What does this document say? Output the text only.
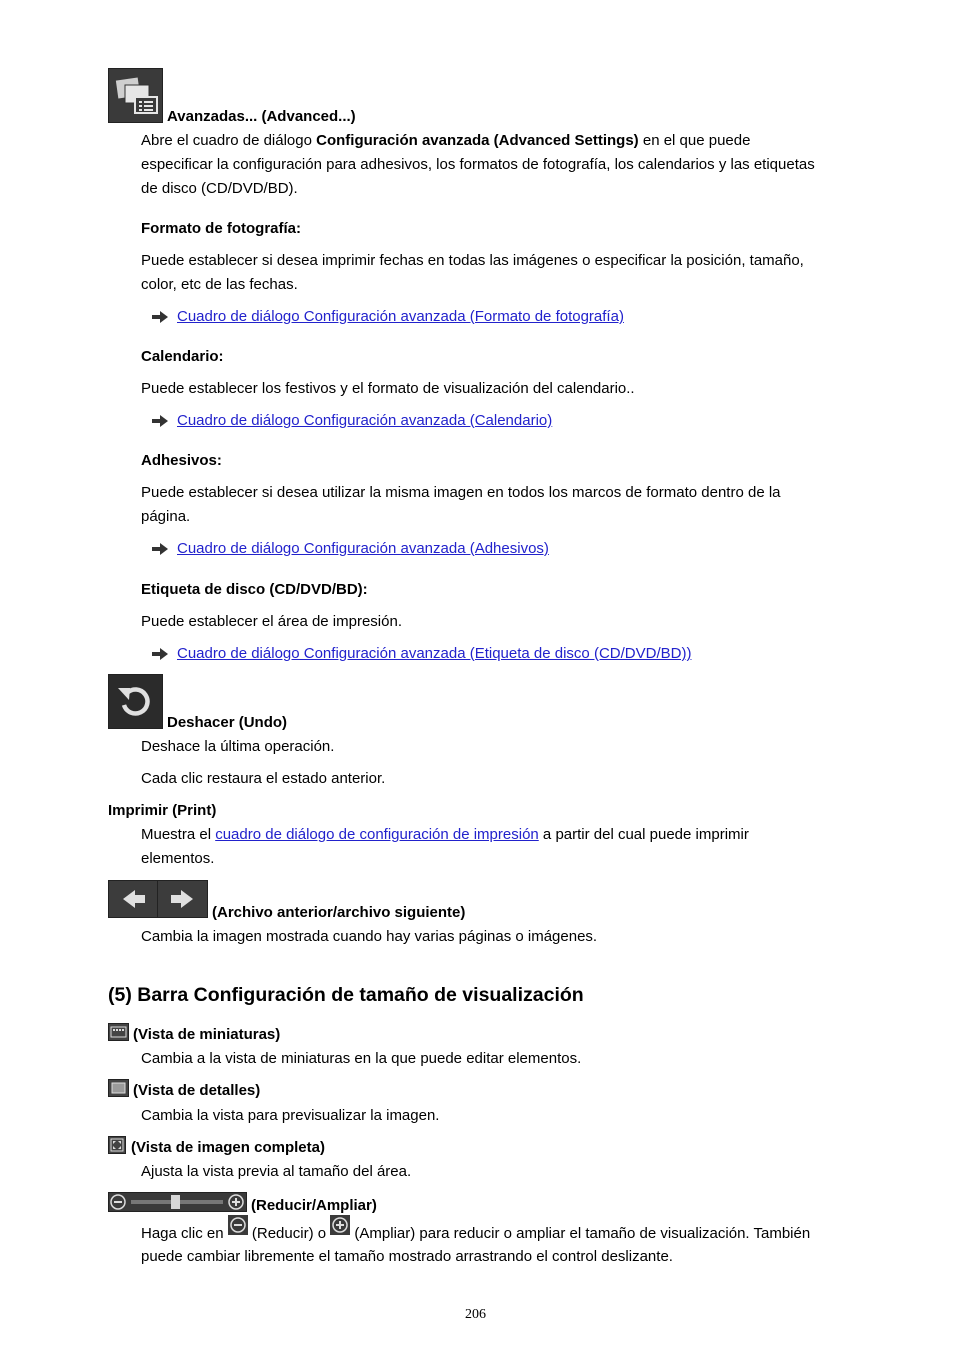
Avanzadas... (Advanced...)
Abre el cuadro de diálogo Configuración avanzada (Advanced Settings) en el que puede
especificar la configuración para adhesivos, los formatos de fotografía, los calendarios y las etiquetas
de disco (CD/DVD/BD).
Formato de fotografía:
Puede establecer si desea imprimir fechas en todas las imágenes o especificar la posición, tamaño,
color, etc de las fechas.
Cuadro de diálogo Configuración avanzada (Formato de fotografía)
Calendario:
Puede establecer los festivos y el formato de visualización del calendario..
Cuadro de diálogo Configuración avanzada (Calendario)
Adhesivos:
Puede establecer si desea utilizar la misma imagen en todos los marcos de formato dentro de la
página.
Cuadro de diálogo Configuración avanzada (Adhesivos)
Etiqueta de disco (CD/DVD/BD):
Puede establecer el área de impresión.
Cuadro de diálogo Configuración avanzada (Etiqueta de disco (CD/DVD/BD))
Deshacer (Undo)
Deshace la última operación.
Cada clic restaura el estado anterior.
Imprimir (Print)
Muestra el cuadro de diálogo de configuración de impresión a partir del cual puede imprimir
elementos.
(Archivo anterior/archivo siguiente)
Cambia la imagen mostrada cuando hay varias páginas o imágenes.
(5) Barra Configuración de tamaño de visualización
(Vista de miniaturas)
Cambia a la vista de miniaturas en la que puede editar elementos.
(Vista de detalles)
Cambia la vista para previsualizar la imagen.
(Vista de imagen completa)
Ajusta la vista previa al tamaño del área.
(Reducir/Ampliar)
Haga clic en  (Reducir) o  (Ampliar) para reducir o ampliar el tamaño de visualización. También
puede cambiar libremente el tamaño mostrado arrastrando el control deslizante.
206
